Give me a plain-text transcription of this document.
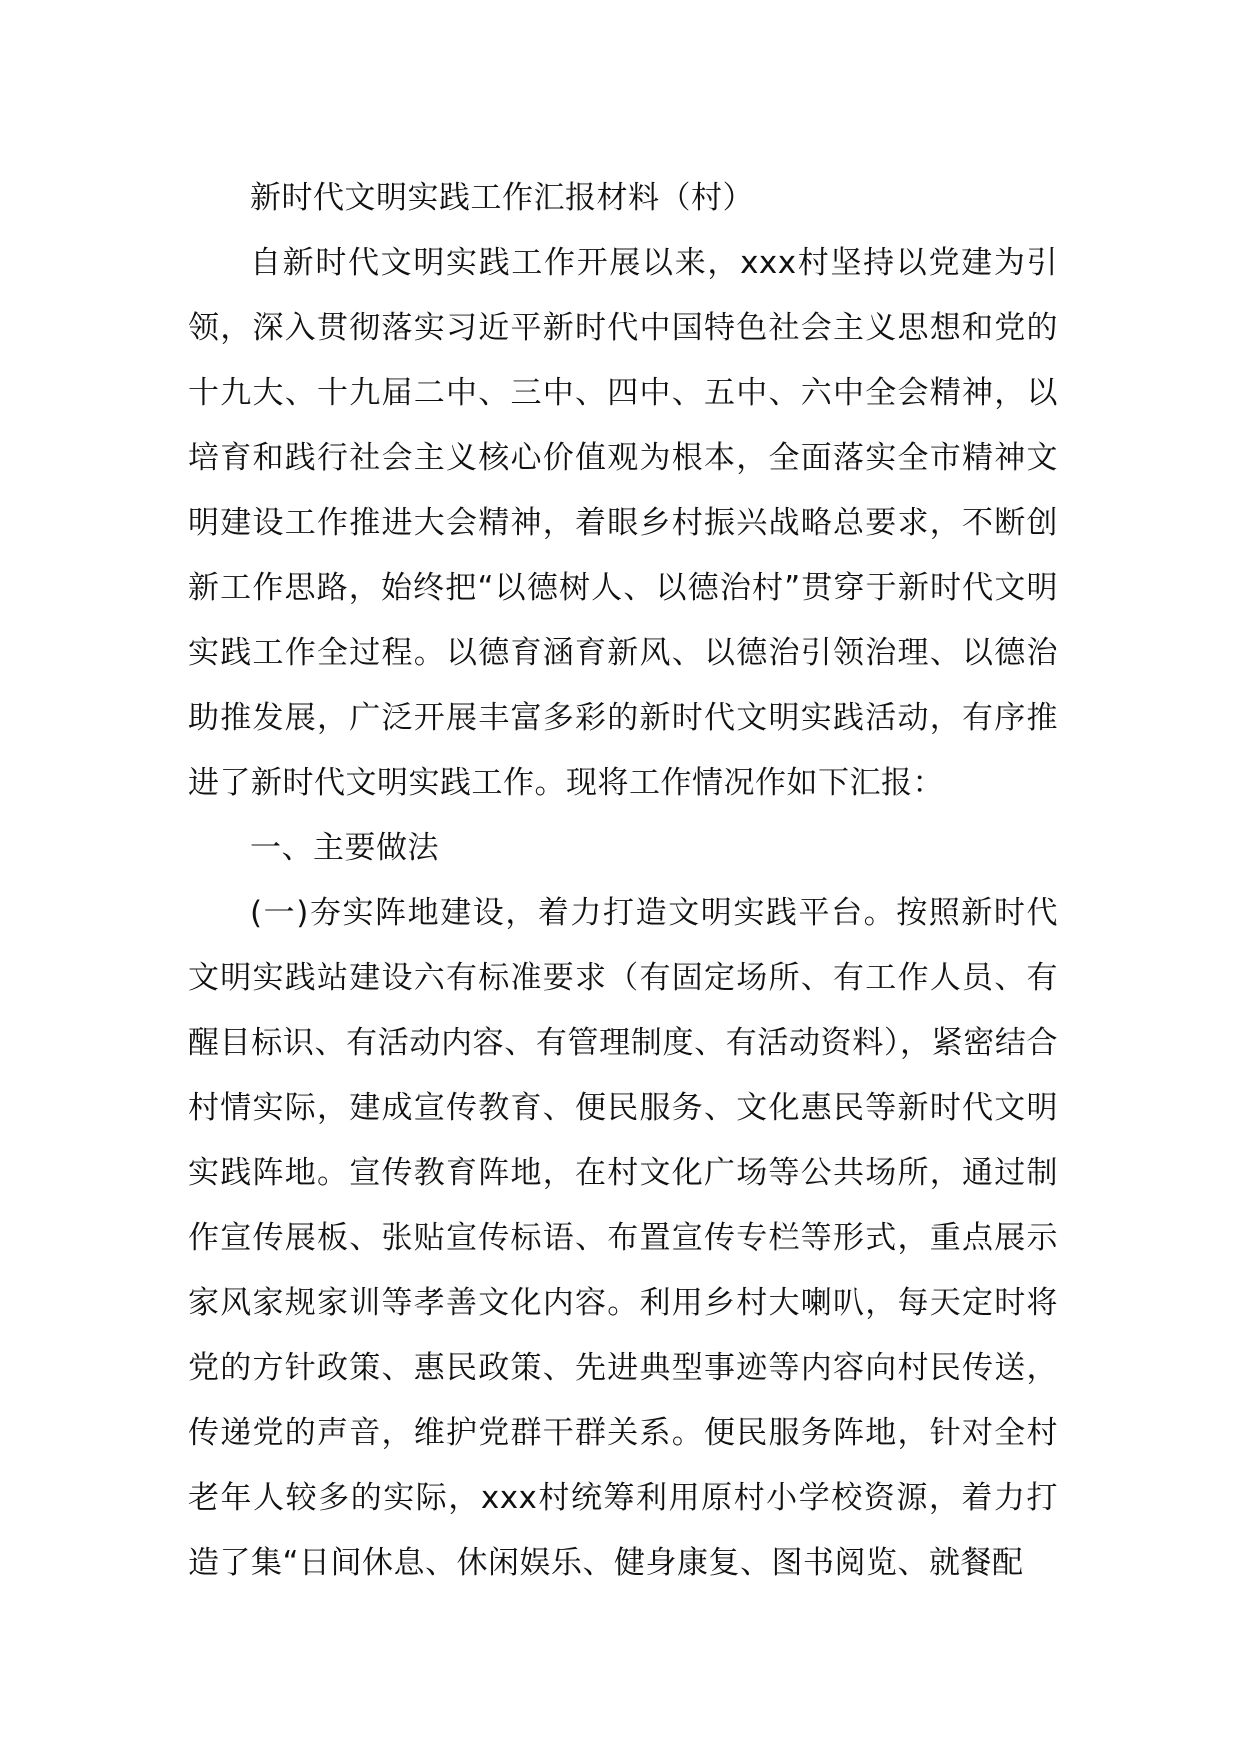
新时代文明实践工作汇报材料（村）

自新时代文明实践工作开展以来，xxx村坚持以党建为引领，深入贯彻落实习近平新时代中国特色社会主义思想和党的十九大、十九届二中、三中、四中、五中、六中全会精神，以培育和践行社会主义核心价值观为根本，全面落实全市精神文明建设工作推进大会精神，着眼乡村振兴战略总要求，不断创新工作思路，始终把“以德树人、以德治村”贯穿于新时代文明实践工作全过程。以德育涵育新风、以德治引领治理、以德治助推发展，广泛开展丰富多彩的新时代文明实践活动，有序推进了新时代文明实践工作。现将工作情况作如下汇报：

一、主要做法

(一)夯实阵地建设，着力打造文明实践平台。按照新时代文明实践站建设六有标准要求（有固定场所、有工作人员、有醒目标识、有活动内容、有管理制度、有活动资料），紧密结合村情实际，建成宣传教育、便民服务、文化惠民等新时代文明实践阵地。宣传教育阵地，在村文化广场等公共场所，通过制作宣传展板、张贴宣传标语、布置宣传专栏等形式，重点展示家风家规家训等孝善文化内容。利用乡村大喇叭，每天定时将党的方针政策、惠民政策、先进典型事迹等内容向村民传送，传递党的声音，维护党群干群关系。便民服务阵地，针对全村老年人较多的实际，xxx村统筹利用原村小学校资源，着力打造了集“日间休息、休闲娱乐、健身康复、图书阅览、就餐配
